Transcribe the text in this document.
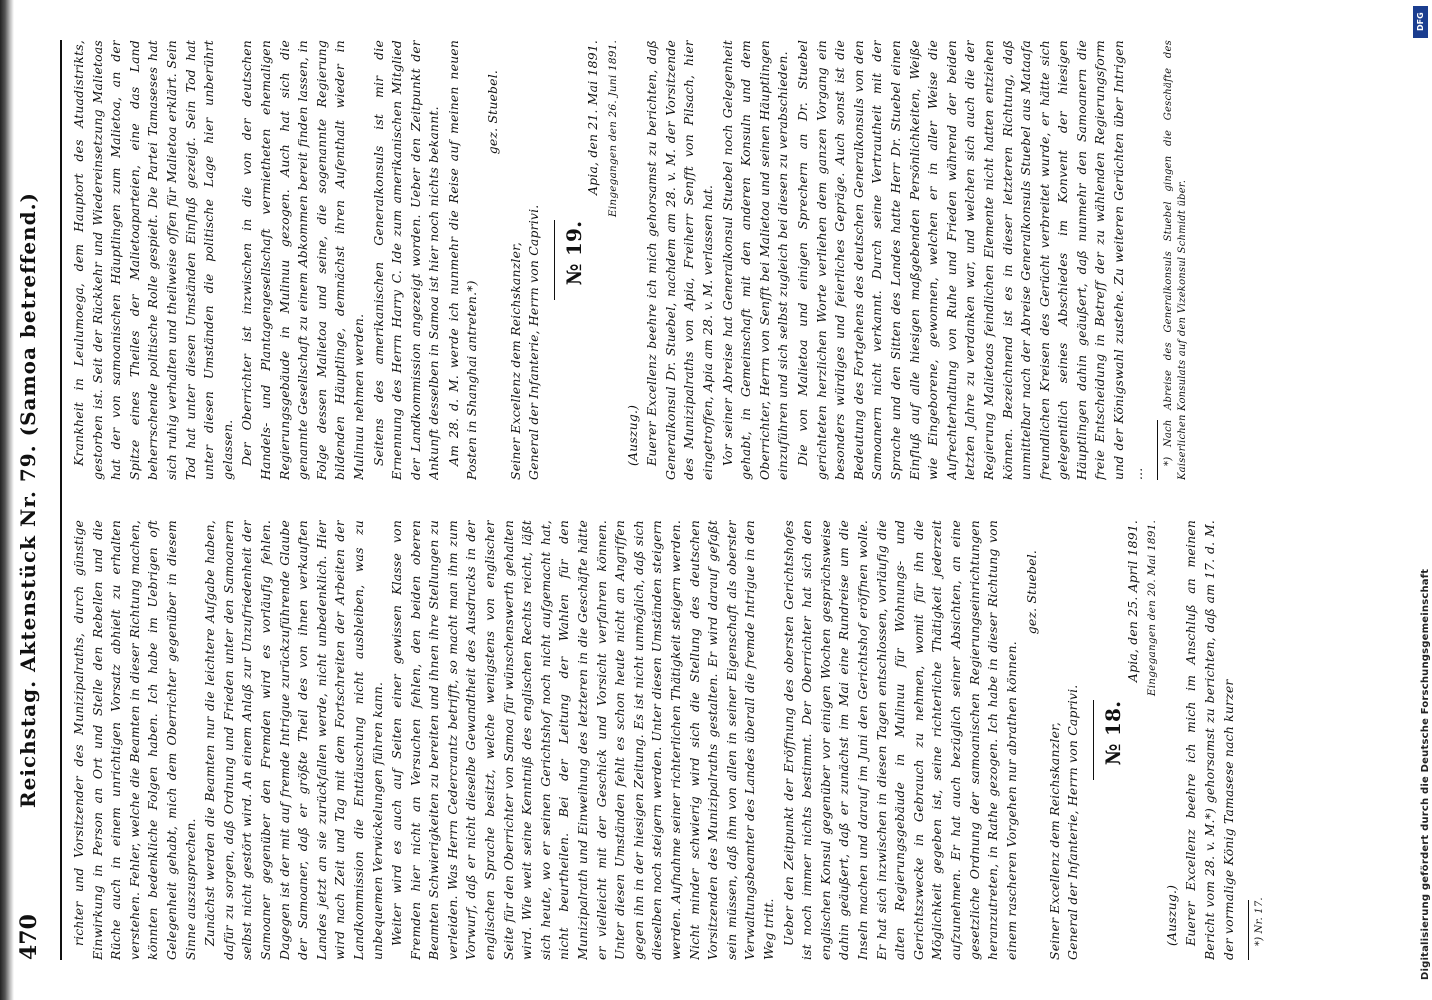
470
Reichstag. Aktenstück Nr. 79. (Samoa betreffend.)	richter und Vorsitzender des Munizipalraths, durch günstige Einwirkung in Person an Ort und Stelle den Rebellen und die Rüche auch in einem unrichtigen Vorsatz abhielt zu erhalten verstehen. Fehler, welche die Beamten in dieser Richtung machen, könnten bedenkliche Folgen haben. Ich habe im Uebrigen oft Gelegenheit gehabt, mich dem Oberrichter gegenüber in diesem Sinne auszusprechen. Zunächst werden die Beamten nur die leichtere Aufgabe haben, dafür zu sorgen, daß Ordnung und Frieden unter den Samoanern selbst nicht gestört wird. An einem Anlaß zur Unzufriedenheit der Samoaner gegenüber den Fremden wird es vorläufig fehlen. Dagegen ist der mit auf fremde Intrigue zurückzuführende Glaube der Samoaner, daß er größte Theil des von ihnen verkauften Landes jetzt an sie zurückfallen werde, nicht unbedenklich. Hier wird nach Zeit und Tag mit dem Fortschreiten der Arbeiten der Landkommission die Enttäuschung nicht ausbleiben, was zu unbequemen Verwickelungen führen kann. Weiter wird es auch auf Seiten einer gewissen Klasse von Fremden hier nicht an Versuchen fehlen, den beiden oberen Beamten Schwierigkeiten zu bereiten und ihnen ihre Stellungen zu verleiden. Was Herrn Cedercrantz betrifft, so macht man ihm zum Vorwurf, daß er nicht dieselbe Gewandtheit des Ausdrucks in der englischen Sprache besitzt, welche wenigstens von englischer Seite für den Oberrichter von Samoa für wünschenswerth gehalten wird. Wie weit seine Kenntniß des englischen Rechts reicht, läßt sich heute, wo er seinen Gerichtshof noch nicht aufgemacht hat, nicht beurtheilen. Bei der Leitung der Wahlen für den Munizipalrath und Einweihung des letzteren in die Geschäfte hätte er vielleicht mit der Geschick und Vorsicht verfahren können. Unter diesen Umständen fehlt es schon heute nicht an Angriffen gegen ihn in der hiesigen Zeitung. Es ist nicht unmöglich, daß sich dieselben noch steigern werden. Unter diesen Umständen steigern werden. Aufnahme seiner richterlichen Thätigkeit steigern werden. Nicht minder schwierig wird sich die Stellung des deutschen Vorsitzenden des Munizipalraths gestalten. Er wird darauf gefaßt sein müssen, daß ihm von allen in seiner Eigenschaft als oberster Verwaltungsbeamter des Landes überall die fremde Intrigue in den Weg tritt. Ueber den Zeitpunkt der Eröffnung des obersten Gerichtshofes ist noch immer nichts bestimmt. Der Oberrichter hat sich den englischen Konsul gegenüber vor einigen Wochen gesprächsweise dahin geäußert, daß er zunächst im Mai eine Rundreise um die Inseln machen und darauf im Juni den Gerichtshof eröffnen wolle. Er hat sich inzwischen in diesen Tagen entschlossen, vorläufig die alten Regierungsgebäude in Mulinuu für Wohnungs- und Gerichtszwecke in Gebrauch zu nehmen, womit für ihn die Möglichkeit gegeben ist, seine richterliche Thätigkeit jederzeit aufzunehmen. Er hat auch bezüglich seiner Absichten, an eine gesetzliche Ordnung der samoanischen Regierungseinrichtungen heranzutreten, in Rathe gezogen. Ich habe in dieser Richtung von einem rascheren Vorgehen nur abrathen können.

gez. Stuebel.

Seiner Excellenz dem Reichskanzler, General der Infanterie, Herrn von Caprivi. № 18.

Apia, den 25. April 1891. Eingegangen den 20. Mai 1891.

(Auszug.) Euerer Excellenz beehre ich mich im Anschluß an meinen Bericht vom 28. v. M.*) gehorsamst zu berichten, daß am 17. d. M. der vormalige König Tamasese nach kurzer *) Nr. 17.

Krankheit in Leulumoega, dem Hauptort des Atuadistrikts, gestorben ist. Seit der Rückkehr und Wiedereinsetzung Malietoas hat der von samoanischen Häuptlingen zum Malietoa, an der Spitze eines Theiles der Malietoaparteien, eine das Land beherrschende politische Rolle gespielt. Die Partei Tamaseses hat sich ruhig verhalten und theilweise offen für Malietoa erklärt. Sein Tod hat unter diesen Umständen Einfluß gezeigt. Sein Tod hat unter diesen Umständen die politische Lage hier unberührt gelassen. Der Oberrichter ist inzwischen in die von der deutschen Handels- und Plantagengesellschaft vermietheten ehemaligen Regierungsgebäude in Mulinuu gezogen. Auch hat sich die genannte Gesellschaft zu einem Abkommen bereit finden lassen, in Folge dessen Malietoa und seine, die sogenannte Regierung bildenden Häuptlinge, demnächst ihren Aufenthalt wieder in Mulinuu nehmen werden. Seitens des amerikanischen Generalkonsuls ist mir die Ernennung des Herrn Harry C. Ide zum amerikanischen Mitglied der Landkommission angezeigt worden. Ueber den Zeitpunkt der Ankunft desselben in Samoa ist hier noch nichts bekannt. Am 28. d. M. werde ich nunmehr die Reise auf meinen neuen Posten in Shanghai antreten.*)

gez. Stuebel.

Seiner Excellenz dem Reichskanzler, General der Infanterie, Herrn von Caprivi. № 19.

Apia, den 21. Mai 1891. Eingegangen den 26. Juni 1891.

(Auszug.) Euerer Excellenz beehre ich mich gehorsamst zu berichten, daß Generalkonsul Dr. Stuebel, nachdem am 28. v. M. der Vorsitzende des Munizipalraths von Apia, Freiherr Senfft von Pilsach, hier eingetroffen, Apia am 28. v. M. verlassen hat. Vor seiner Abreise hat Generalkonsul Stuebel noch Gelegenheit gehabt, in Gemeinschaft mit den anderen Konsuln und dem Oberrichter, Herrn von Senfft bei Malietoa und seinen Häuptlingen einzuführen und sich selbst zugleich bei diesen zu verabschieden. Die von Malietoa und einigen Sprechern an Dr. Stuebel gerichteten herzlichen Worte verliehen dem ganzen Vorgang ein besonders würdiges und feierliches Gepräge. Auch sonst ist die Bedeutung des Fortgehens des deutschen Generalkonsuls von den Samoanern nicht verkannt. Durch seine Vertrautheit mit der Sprache und den Sitten des Landes hatte Herr Dr. Stuebel einen Einfluß auf alle hiesigen maßgebenden Persönlichkeiten, Weiße wie Eingeborene, gewonnen, welchen er in aller Weise die Aufrechterhaltung von Ruhe und Frieden während der beiden letzten Jahre zu verdanken war, und welchen sich auch die der Regierung Malietoas feindlichen Elemente nicht hatten entziehen können. Bezeichnend ist es in dieser letzteren Richtung, daß unmittelbar nach der Abreise Generalkonsuls Stuebel aus Mataafa freundlichen Kreisen des Gerücht verbreitet wurde, er hätte sich gelegentlich seines Abschiedes im Konvent der hiesigen Häuptlingen dahin geäußert, daß nunmehr den Samoanern die freie Entscheidung in Betreff der zu wählenden Regierungsform und der Königswahl zustehe. Zu weiteren Gerüchten über Intrigen ...

*) Nach Abreise des Generalkonsuls Stuebel gingen die Geschäfte des Kaiserlichen Konsulats auf den Vizekonsul Schmidt über.

Digitalisierung gefördert durch die Deutsche Forschungsgemeinschaft
DFG
